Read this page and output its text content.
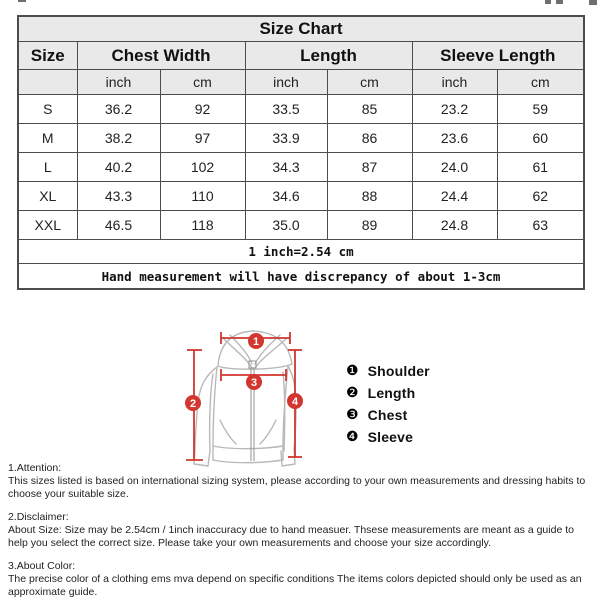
Size Chart						
Size	Chest Width		Length		Sleeve Length	
	inch	cm	inch	cm	inch	cm
S	36.2	92	33.5	85	23.2	59
M	38.2	97	33.9	86	23.6	60
L	40.2	102	34.3	87	24.0	61
XL	43.3	110	34.6	88	24.4	62
XXL	46.5	118	35.0	89	24.8	63
1 inch=2.54 cm						
Hand measurement will have discrepancy of about 1-3cm						
1
2
3
4
❶ Shoulder
❷ Length
❸ Chest
❹ Sleeve
1.Attention:
This sizes listed is based on international sizing system, please according to your own measurements and dressing habits to choose your suitable size.
2.Disclaimer:
About Size: Size may be 2.54cm / 1inch inaccuracy due to hand measuer. Thsese measurements are meant as a guide to help you select the correct size. Please take your own measurements and choose your size accordingly.
3.About Color:
The precise color of a clothing ems mva depend on specific conditions The items colors depicted should only be used as an approximate guide.
